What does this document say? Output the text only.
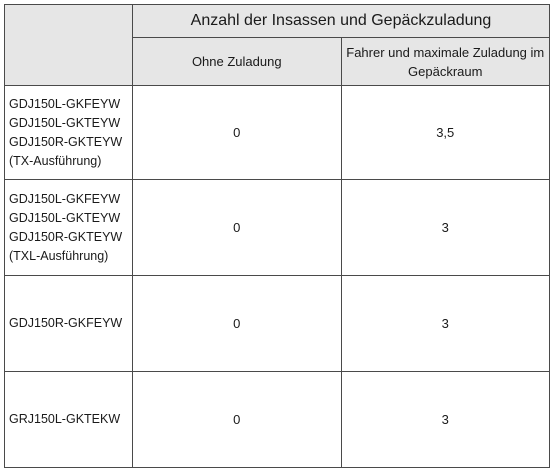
	Anzahl der Insassen und Gepäckzuladung	
	Ohne Zuladung	Fahrer und maximale Zuladung im Gepäckraum

GDJ150L-GKFEYW
GDJ150L-GKTEYW
GDJ150R-GKTEYW
(TX-Ausführung)	0	3,5

GDJ150L-GKFEYW
GDJ150L-GKTEYW
GDJ150R-GKTEYW
(TXL-Ausführung)	0	3

GDJ150R-GKFEYW	0	3

GRJ150L-GKTEKW	0	3
